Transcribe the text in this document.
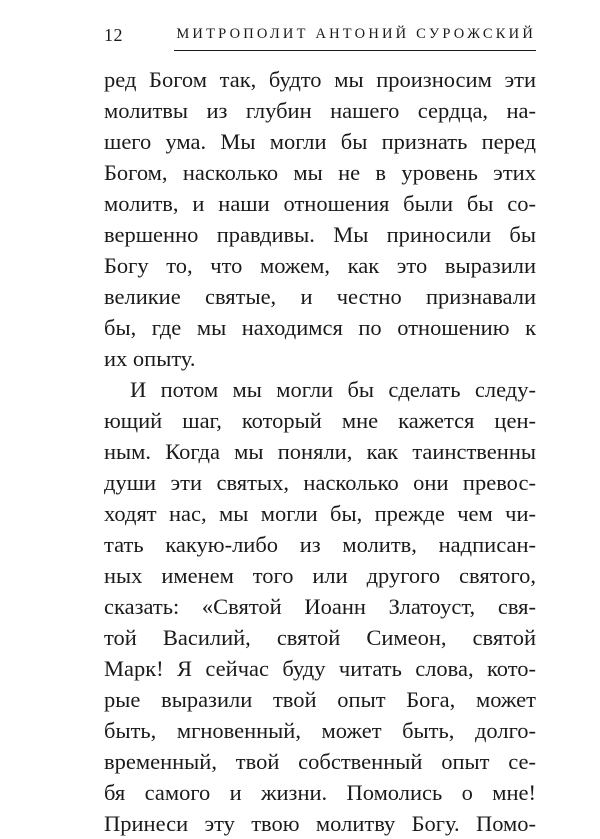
12	МИТРОПОЛИТ АНТОНИЙ СУРОЖСКИЙ
ред Богом так, будто мы произносим эти
молитвы из глубин нашего сердца, на-
шего ума. Мы могли бы признать перед
Богом, насколько мы не в уровень этих
молитв, и наши отношения были бы со-
вершенно правдивы. Мы приносили бы
Богу то, что можем, как это выразили
великие святые, и честно признавали
бы, где мы находимся по отношению к
их опыту.
И потом мы могли бы сделать следу-
ющий шаг, который мне кажется цен-
ным. Когда мы поняли, как таинственны
души эти святых, насколько они превос-
ходят нас, мы могли бы, прежде чем чи-
тать какую-либо из молитв, надписан-
ных именем того или другого святого,
сказать: «Святой Иоанн Златоуст, свя-
той Василий, святой Симеон, святой
Марк! Я сейчас буду читать слова, кото-
рые выразили твой опыт Бога, может
быть, мгновенный, может быть, долго-
временный, твой собственный опыт се-
бя самого и жизни. Помолись о мне!
Принеси эту твою молитву Богу. Помо-
